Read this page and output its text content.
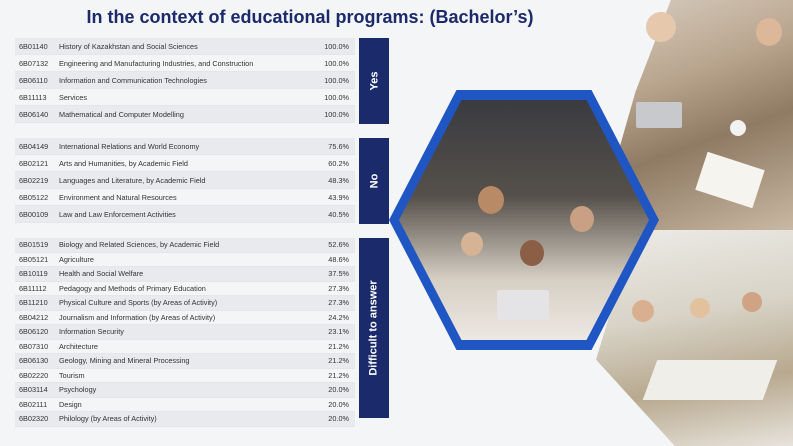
In the context of educational programs: (Bachelor’s)
6B01140	History of Kazakhstan and Social Sciences	100.0%
6B07132	Engineering and Manufacturing Industries, and Construction	100.0%
6B06110	Information and Communication Technologies	100.0%
6B11113	Services	100.0%
6B06140	Mathematical and Computer Modelling	100.0%
Yes
6B04149	International Relations and World Economy	75.6%
6B02121	Arts and Humanities, by Academic Field	60.2%
6B02219	Languages and Literature, by Academic Field	48.3%
6B05122	Environment and Natural Resources	43.9%
6B00109	Law and Law Enforcement Activities	40.5%
No
6B01519	Biology and Related Sciences, by Academic Field	52.6%
6B05121	Agriculture	48.6%
6B10119	Health and Social Welfare	37.5%
6B11112	Pedagogy and Methods of Primary Education	27.3%
6B11210	Physical Culture and Sports (by Areas of Activity)	27.3%
6B04212	Journalism and Information (by Areas of Activity)	24.2%
6B06120	Information Security	23.1%
6B07310	Architecture	21.2%
6B06130	Geology, Mining and Mineral Processing	21.2%
6B02220	Tourism	21.2%
6B03114	Psychology	20.0%
6B02111	Design	20.0%
6B02320	Philology (by Areas of Activity)	20.0%
Difficult to answer
